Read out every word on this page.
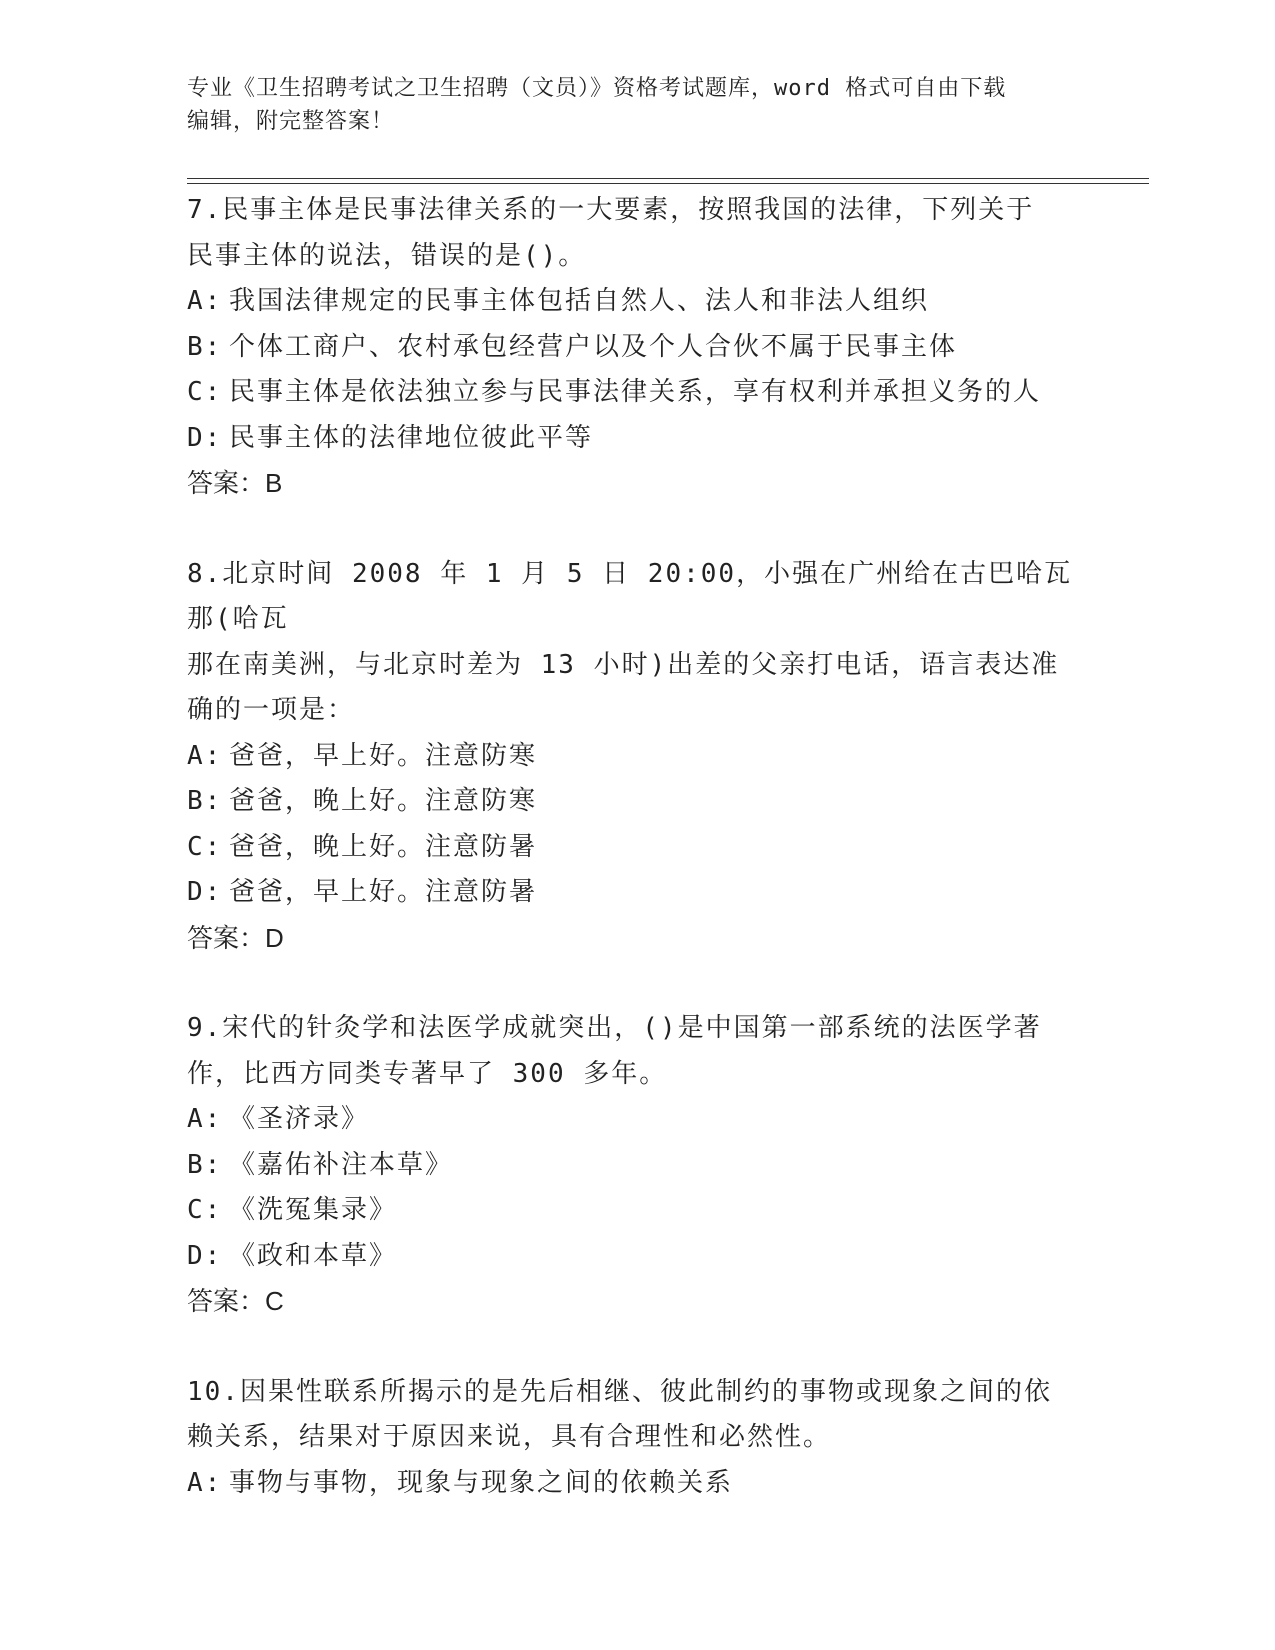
专业《卫生招聘考试之卫生招聘（文员）》资格考试题库，word 格式可自由下载
编辑，附完整答案！
7.民事主体是民事法律关系的一大要素，按照我国的法律，下列关于
民事主体的说法，错误的是()。
A: 我国法律规定的民事主体包括自然人、法人和非法人组织
B: 个体工商户、农村承包经营户以及个人合伙不属于民事主体
C: 民事主体是依法独立参与民事法律关系，享有权利并承担义务的人
D: 民事主体的法律地位彼此平等
答案：B
8.北京时间 2008 年 1 月 5 日 20:00，小强在广州给在古巴哈瓦那(哈瓦
那在南美洲，与北京时差为 13 小时)出差的父亲打电话，语言表达准
确的一项是：
A: 爸爸，早上好。注意防寒
B: 爸爸，晚上好。注意防寒
C: 爸爸，晚上好。注意防暑
D: 爸爸，早上好。注意防暑
答案：D
9.宋代的针灸学和法医学成就突出，()是中国第一部系统的法医学著
作，比西方同类专著早了 300 多年。
A: 《圣济录》
B: 《嘉佑补注本草》
C: 《洗冤集录》
D: 《政和本草》
答案：C
10.因果性联系所揭示的是先后相继、彼此制约的事物或现象之间的依
赖关系，结果对于原因来说，具有合理性和必然性。
A: 事物与事物，现象与现象之间的依赖关系
